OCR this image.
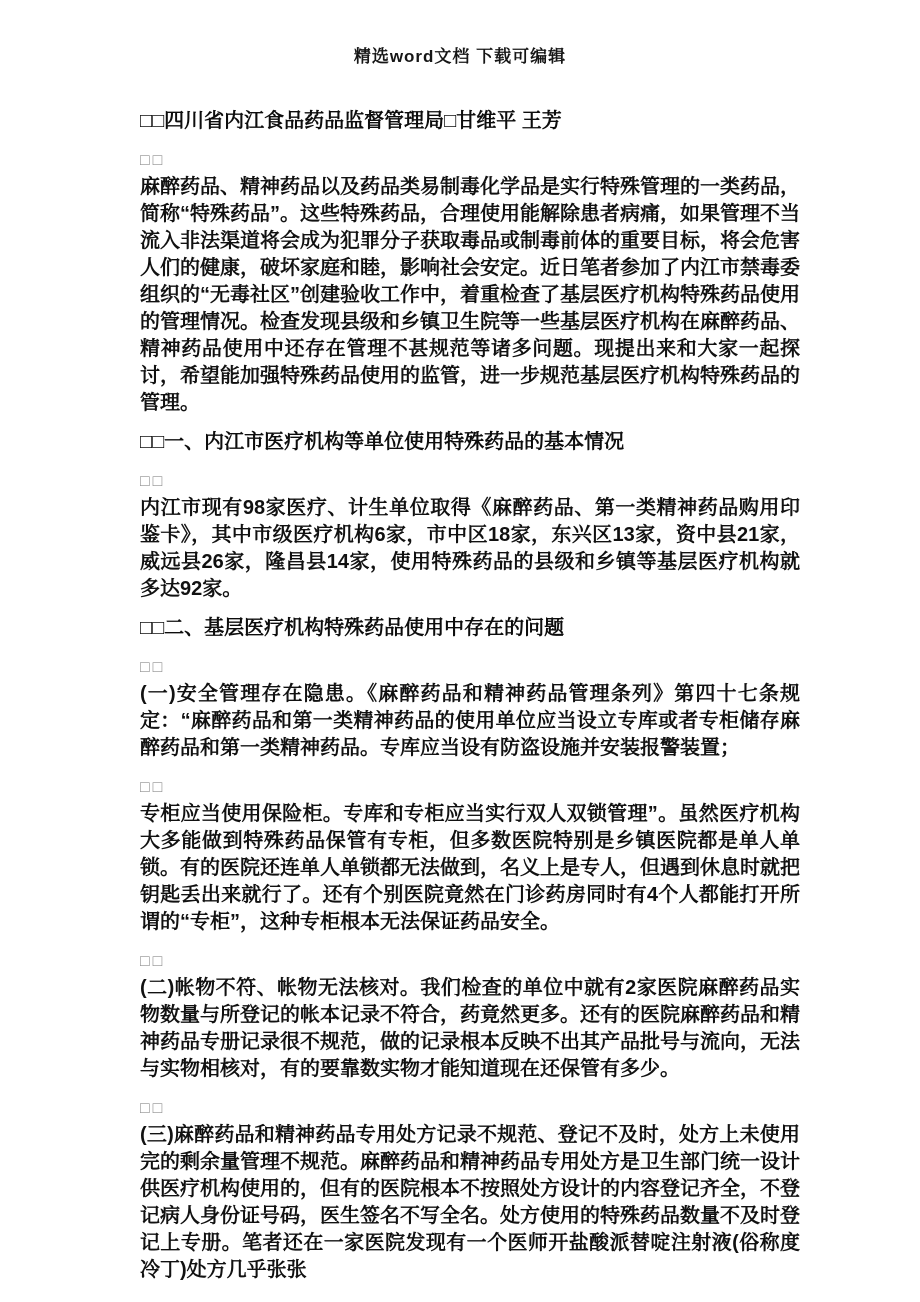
精选word文档 下载可编辑

□□四川省内江食品药品监督管理局□甘维平 王芳

□□

麻醉药品、精神药品以及药品类易制毒化学品是实行特殊管理的一类药品，简称“特殊药品”。这些特殊药品，合理使用能解除患者病痛，如果管理不当流入非法渠道将会成为犯罪分子获取毒品或制毒前体的重要目标，将会危害人们的健康，破坏家庭和睦，影响社会安定。近日笔者参加了内江市禁毒委组织的“无毒社区”创建验收工作中，着重检查了基层医疗机构特殊药品使用的管理情况。检查发现县级和乡镇卫生院等一些基层医疗机构在麻醉药品、精神药品使用中还存在管理不甚规范等诸多问题。现提出来和大家一起探讨，希望能加强特殊药品使用的监管，进一步规范基层医疗机构特殊药品的管理。

□□一、内江市医疗机构等单位使用特殊药品的基本情况

□□

内江市现有98家医疗、计生单位取得《麻醉药品、第一类精神药品购用印鉴卡》，其中市级医疗机构6家，市中区18家，东兴区13家，资中县21家，威远县26家，隆昌县14家，使用特殊药品的县级和乡镇等基层医疗机构就多达92家。

□□二、基层医疗机构特殊药品使用中存在的问题

□□

(一)安全管理存在隐患。《麻醉药品和精神药品管理条列》第四十七条规定：“麻醉药品和第一类精神药品的使用单位应当设立专库或者专柜储存麻醉药品和第一类精神药品。专库应当设有防盗设施并安装报警装置；

□□

专柜应当使用保险柜。专库和专柜应当实行双人双锁管理”。虽然医疗机构大多能做到特殊药品保管有专柜，但多数医院特别是乡镇医院都是单人单锁。有的医院还连单人单锁都无法做到，名义上是专人，但遇到休息时就把钥匙丢出来就行了。还有个别医院竟然在门诊药房同时有4个人都能打开所谓的“专柜”，这种专柜根本无法保证药品安全。

□□

(二)帐物不符、帐物无法核对。我们检查的单位中就有2家医院麻醉药品实物数量与所登记的帐本记录不符合，药竟然更多。还有的医院麻醉药品和精神药品专册记录很不规范，做的记录根本反映不出其产品批号与流向，无法与实物相核对，有的要靠数实物才能知道现在还保管有多少。

□□

(三)麻醉药品和精神药品专用处方记录不规范、登记不及时，处方上未使用完的剩余量管理不规范。麻醉药品和精神药品专用处方是卫生部门统一设计供医疗机构使用的，但有的医院根本不按照处方设计的内容登记齐全，不登记病人身份证号码，医生签名不写全名。处方使用的特殊药品数量不及时登记上专册。笔者还在一家医院发现有一个医师开盐酸派替啶注射液(俗称度冷丁)处方几乎张张
